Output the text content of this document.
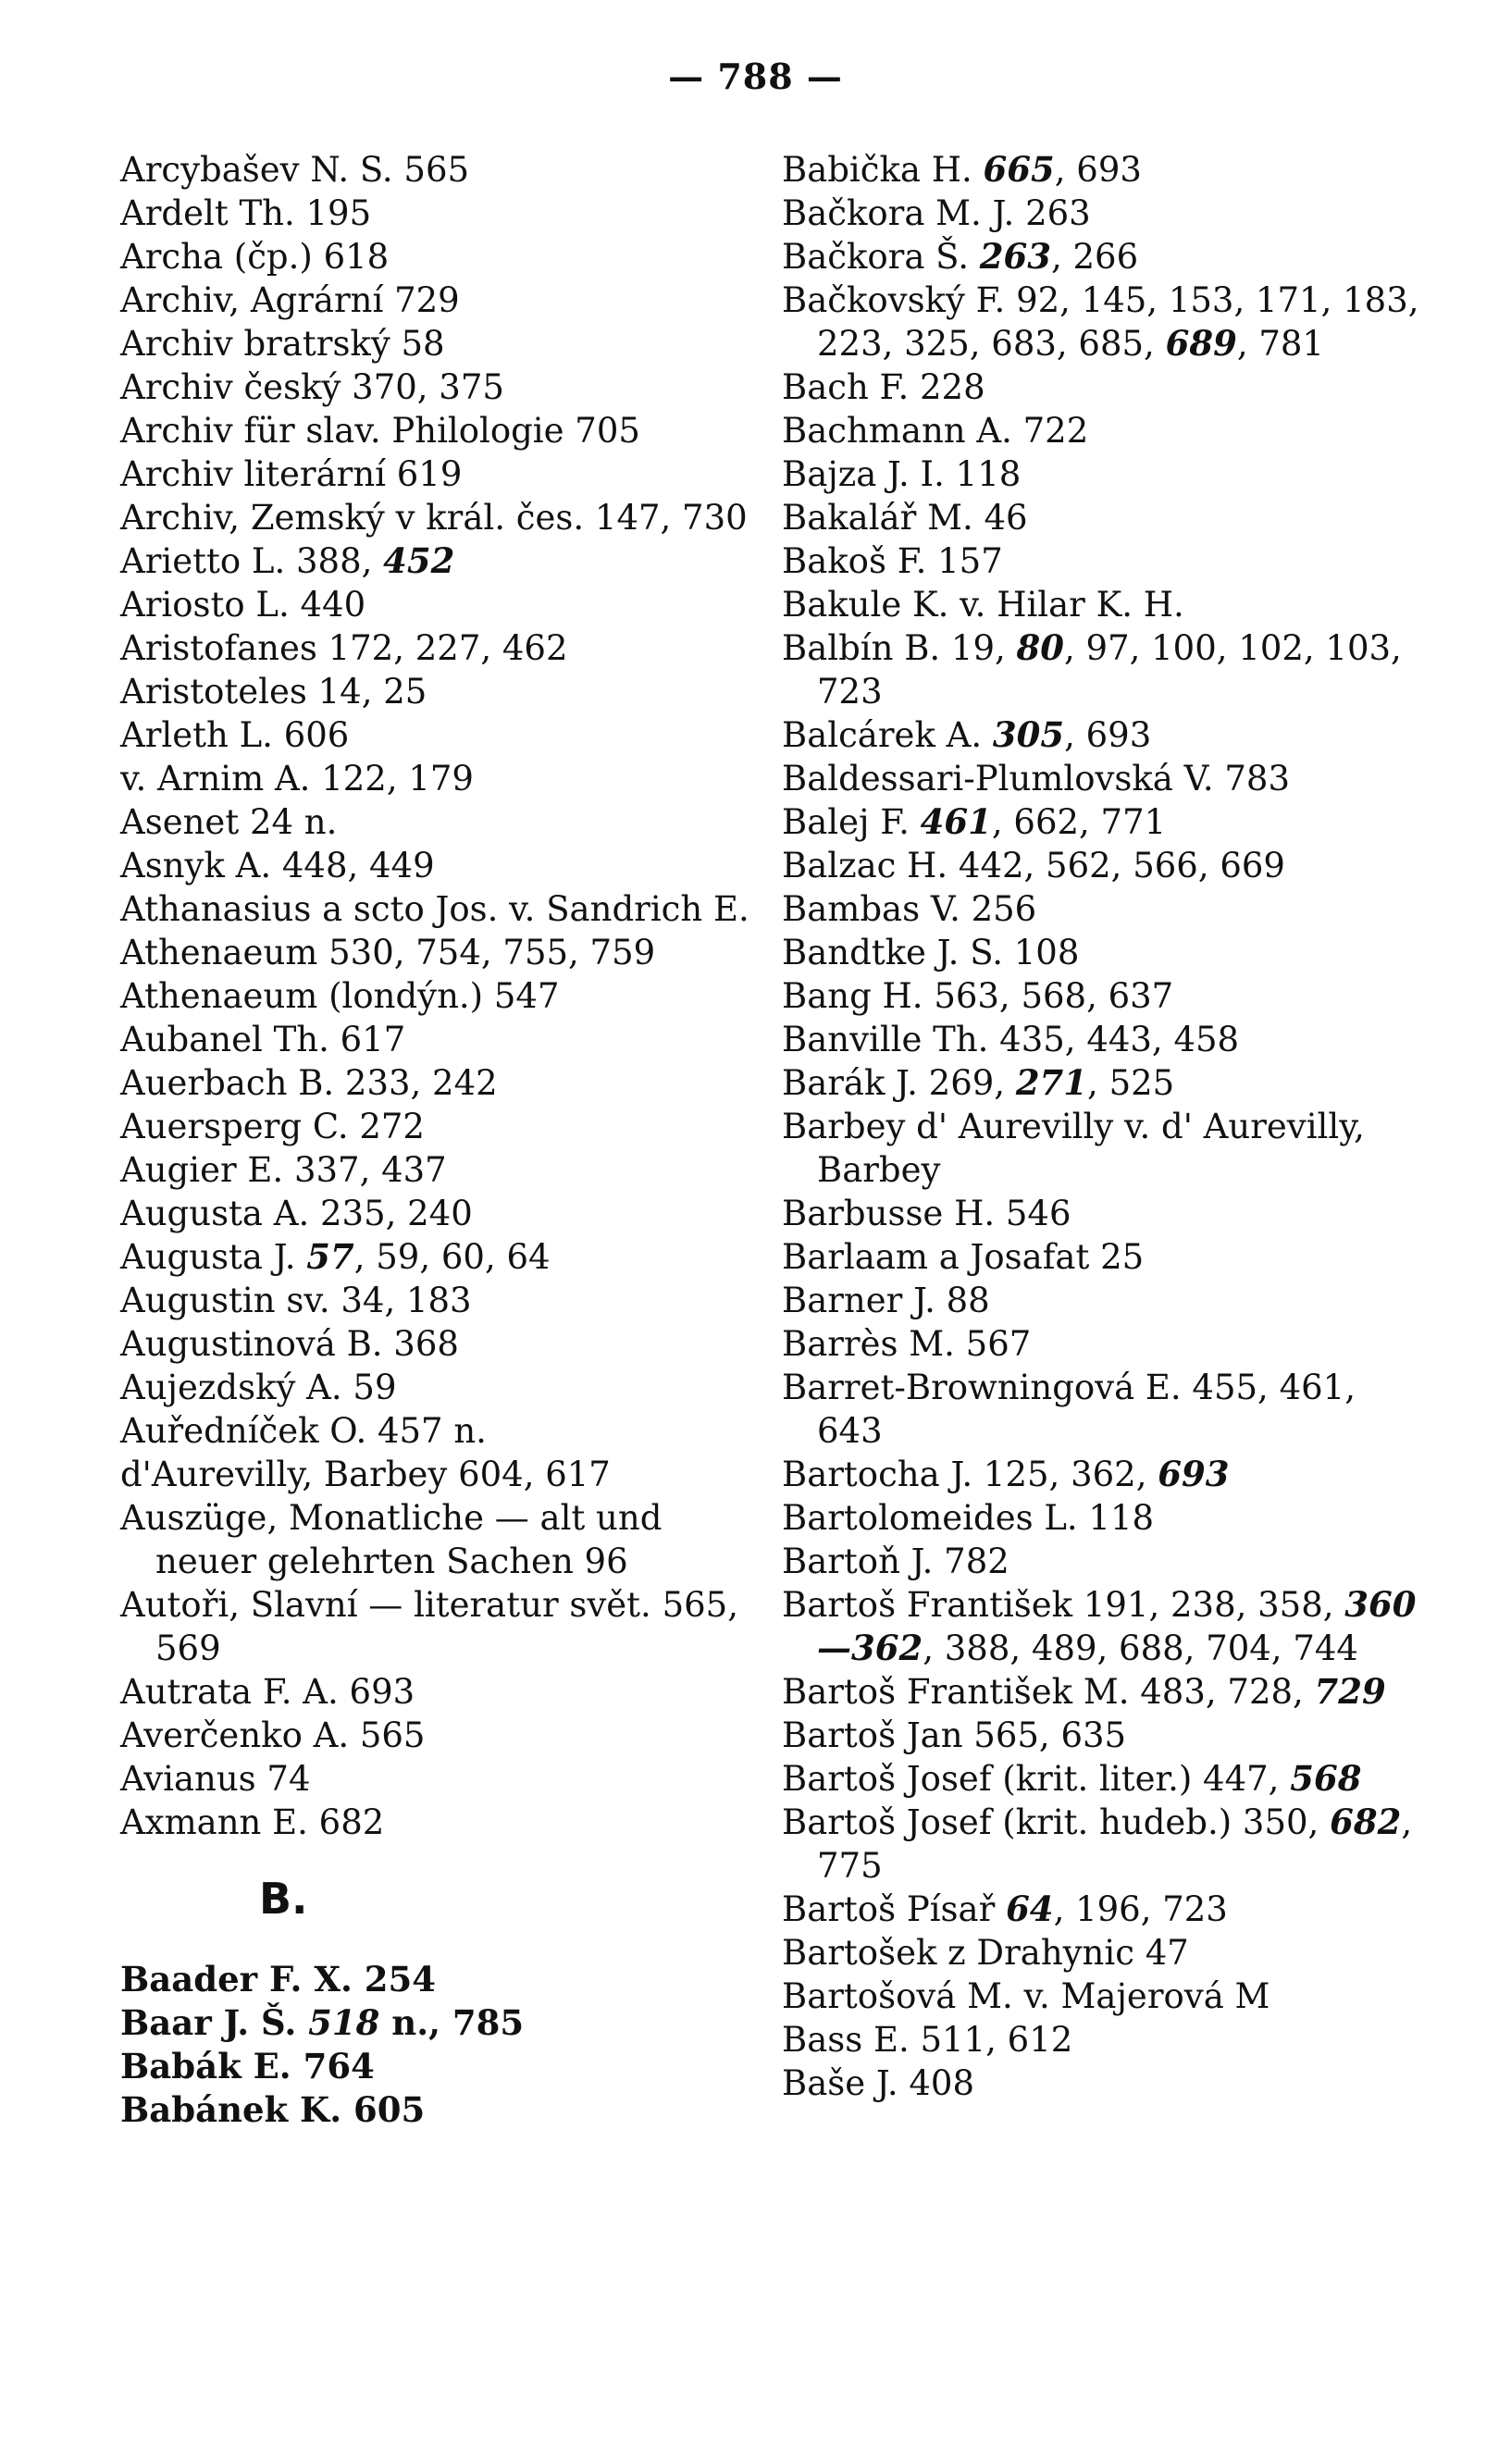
— 788 —
Arcybašev N. S. 565
Ardelt Th. 195
Archa (čp.) 618
Archiv, Agrární 729
Archiv bratrský 58
Archiv český 370, 375
Archiv für slav. Philologie 705
Archiv literární 619
Archiv, Zemský v král. čes. 147, 730
Arietto L. 388, 452
Ariosto L. 440
Aristofanes 172, 227, 462
Aristoteles 14, 25
Arleth L. 606
v. Arnim A. 122, 179
Asenet 24 n.
Asnyk A. 448, 449
Athanasius a scto Jos. v. Sandrich E.
Athenaeum 530, 754, 755, 759
Athenaeum (londýn.) 547
Aubanel Th. 617
Auerbach B. 233, 242
Auersperg C. 272
Augier E. 337, 437
Augusta A. 235, 240
Augusta J. 57, 59, 60, 64
Augustin sv. 34, 183
Augustinová B. 368
Aujezdský A. 59
Auředníček O. 457 n.
d'Aurevilly, Barbey 604, 617
Auszüge, Monatliche — alt und neuer gelehrten Sachen 96
Autoři, Slavní — literatur svět. 565, 569
Autrata F. A. 693
Averčenko A. 565
Avianus 74
Axmann E. 682
B.
Baader F. X. 254
Baar J. Š. 518 n., 785
Babák E. 764
Babánek K. 605
Babička H. 665, 693
Bačkora M. J. 263
Bačkora Š. 263, 266
Bačkovský F. 92, 145, 153, 171, 183, 223, 325, 683, 685, 689, 781
Bach F. 228
Bachmann A. 722
Bajza J. I. 118
Bakalář M. 46
Bakoš F. 157
Bakule K. v. Hilar K. H.
Balbín B. 19, 80, 97, 100, 102, 103, 723
Balcárek A. 305, 693
Baldessari-Plumlovská V. 783
Balej F. 461, 662, 771
Balzac H. 442, 562, 566, 669
Bambas V. 256
Bandtke J. S. 108
Bang H. 563, 568, 637
Banville Th. 435, 443, 458
Barák J. 269, 271, 525
Barbey d' Aurevilly v. d' Aurevilly, Barbey
Barbusse H. 546
Barlaam a Josafat 25
Barner J. 88
Barrès M. 567
Barret-Browningová E. 455, 461, 643
Bartocha J. 125, 362, 693
Bartolomeides L. 118
Bartoň J. 782
Bartoš František 191, 238, 358, 360—362, 388, 489, 688, 704, 744
Bartoš František M. 483, 728, 729
Bartoš Jan 565, 635
Bartoš Josef (krit. liter.) 447, 568
Bartoš Josef (krit. hudeb.) 350, 682, 775
Bartoš Písař 64, 196, 723
Bartošek z Drahynic 47
Bartošová M. v. Majerová M
Bass E. 511, 612
Baše J. 408
